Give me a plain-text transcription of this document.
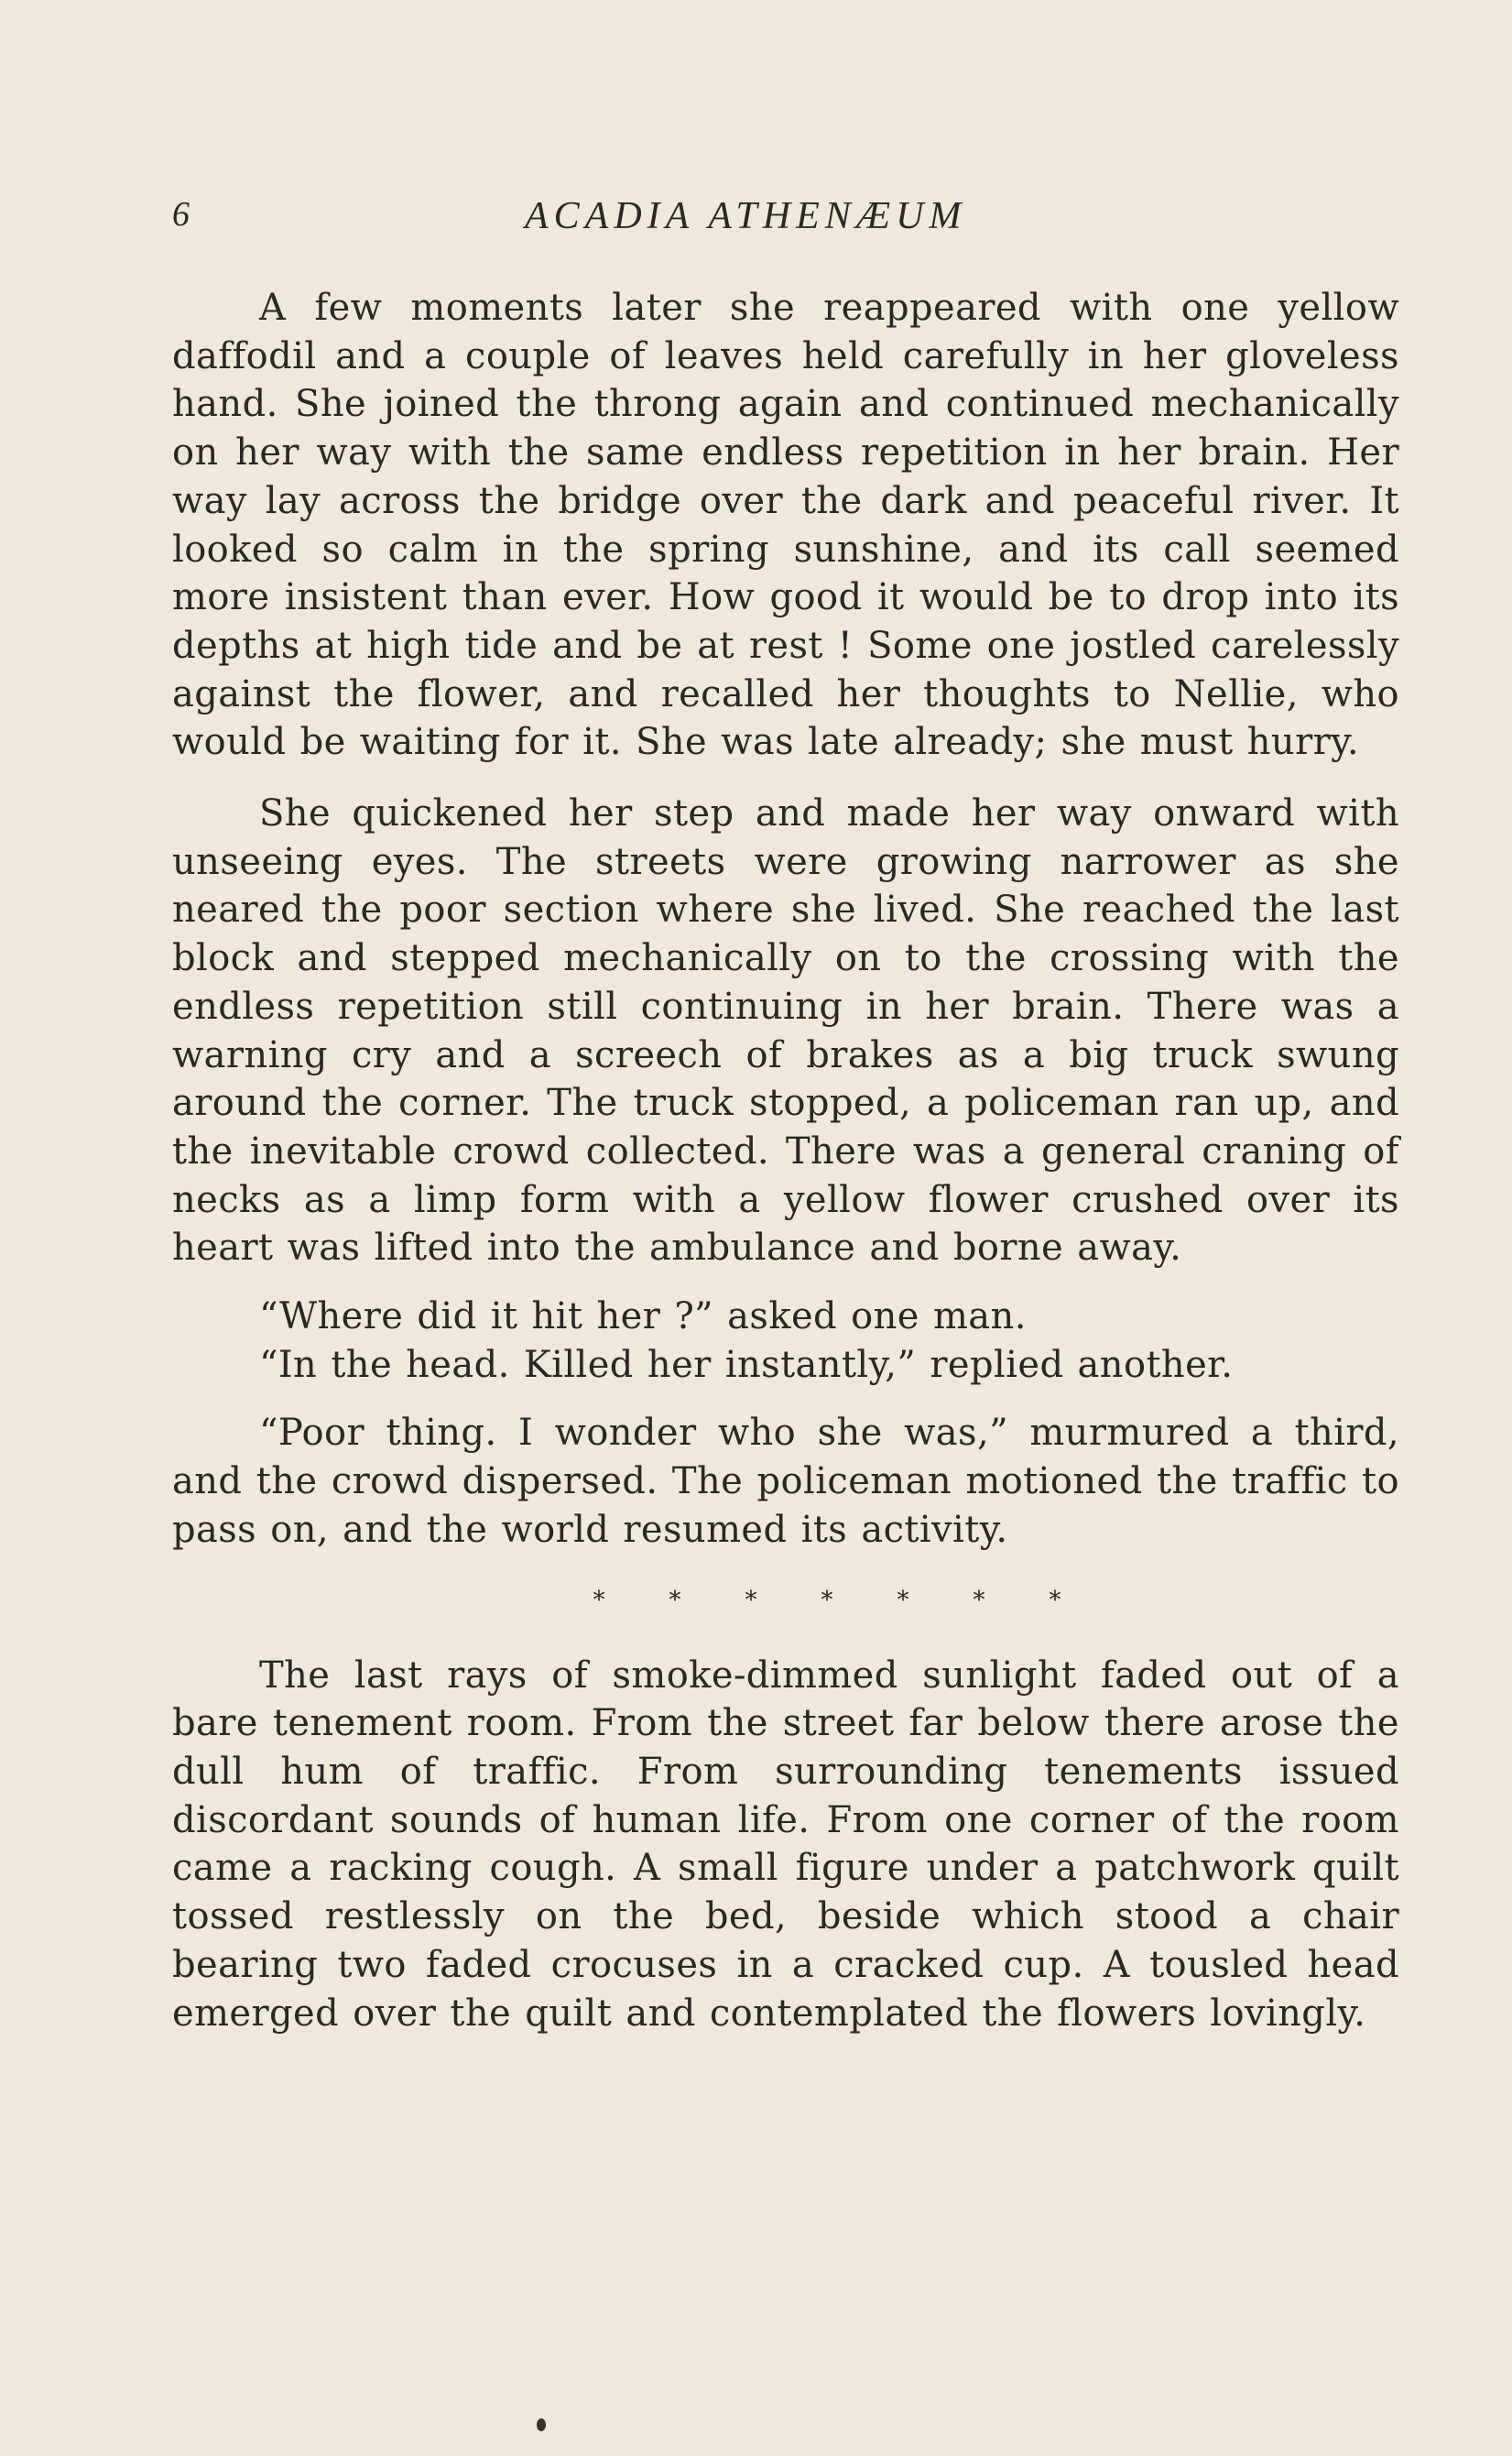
6	ACADIA ATHENÆUM

A few moments later she reappeared with one yellow daffodil and a couple of leaves held carefully in her gloveless hand. She joined the throng again and continued mechanically on her way with the same endless repetition in her brain. Her way lay across the bridge over the dark and peaceful river. It looked so calm in the spring sunshine, and its call seemed more insistent than ever. How good it would be to drop into its depths at high tide and be at rest ! Some one jostled carelessly against the flower, and recalled her thoughts to Nellie, who would be waiting for it. She was late already; she must hurry.

She quickened her step and made her way onward with unseeing eyes. The streets were growing narrower as she neared the poor section where she lived. She reached the last block and stepped mechanically on to the crossing with the endless repetition still continuing in her brain. There was a warning cry and a screech of brakes as a big truck swung around the corner. The truck stopped, a policeman ran up, and the inevitable crowd collected. There was a general craning of necks as a limp form with a yellow flower crushed over its heart was lifted into the ambulance and borne away.

“Where did it hit her ?” asked one man.

“In the head. Killed her instantly,” replied another.

“Poor thing. I wonder who she was,” murmured a third, and the crowd dispersed. The policeman motioned the traffic to pass on, and the world resumed its activity.

*	*	*	*	*	*	*

The last rays of smoke-dimmed sunlight faded out of a bare tenement room. From the street far below there arose the dull hum of traffic. From surrounding tenements issued discordant sounds of human life. From one corner of the room came a racking cough. A small figure under a patchwork quilt tossed restlessly on the bed, beside which stood a chair bearing two faded crocuses in a cracked cup. A tousled head emerged over the quilt and contemplated the flowers lovingly.
